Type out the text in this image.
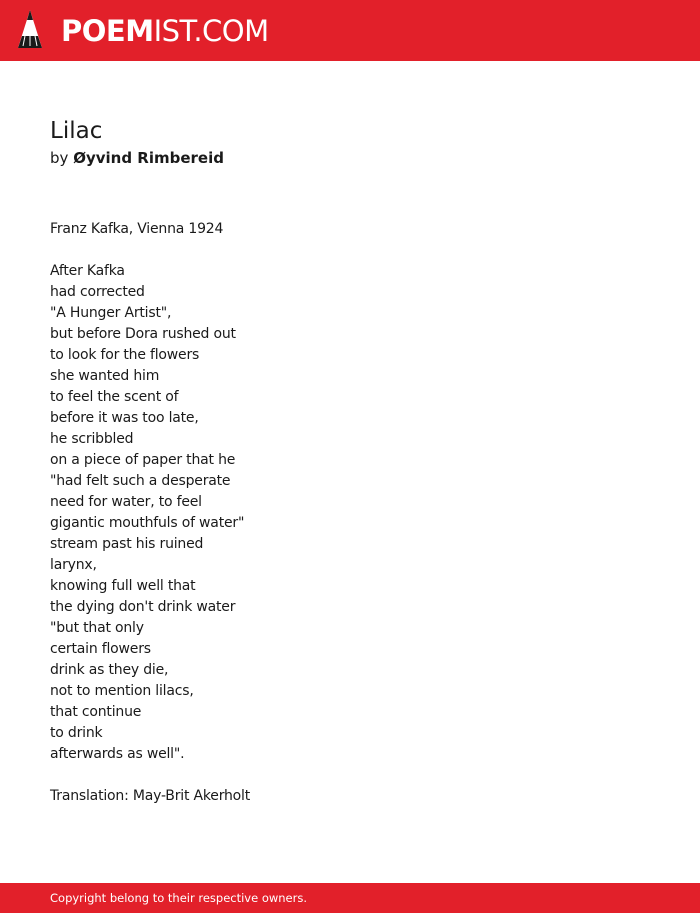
POEMIST.COM
Lilac
by Øyvind Rimbereid
Franz Kafka, Vienna 1924
After Kafka
had corrected
"A Hunger Artist",
but before Dora rushed out
to look for the flowers
she wanted him
to feel the scent of
before it was too late,
he scribbled
on a piece of paper that he
"had felt such a desperate
need for water, to feel
gigantic mouthfuls of water"
stream past his ruined
larynx,
knowing full well that
the dying don't drink water
"but that only
certain flowers
drink as they die,
not to mention lilacs,
that continue
to drink
afterwards as well".
Translation: May-Brit Akerholt
Copyright belong to their respective owners.
